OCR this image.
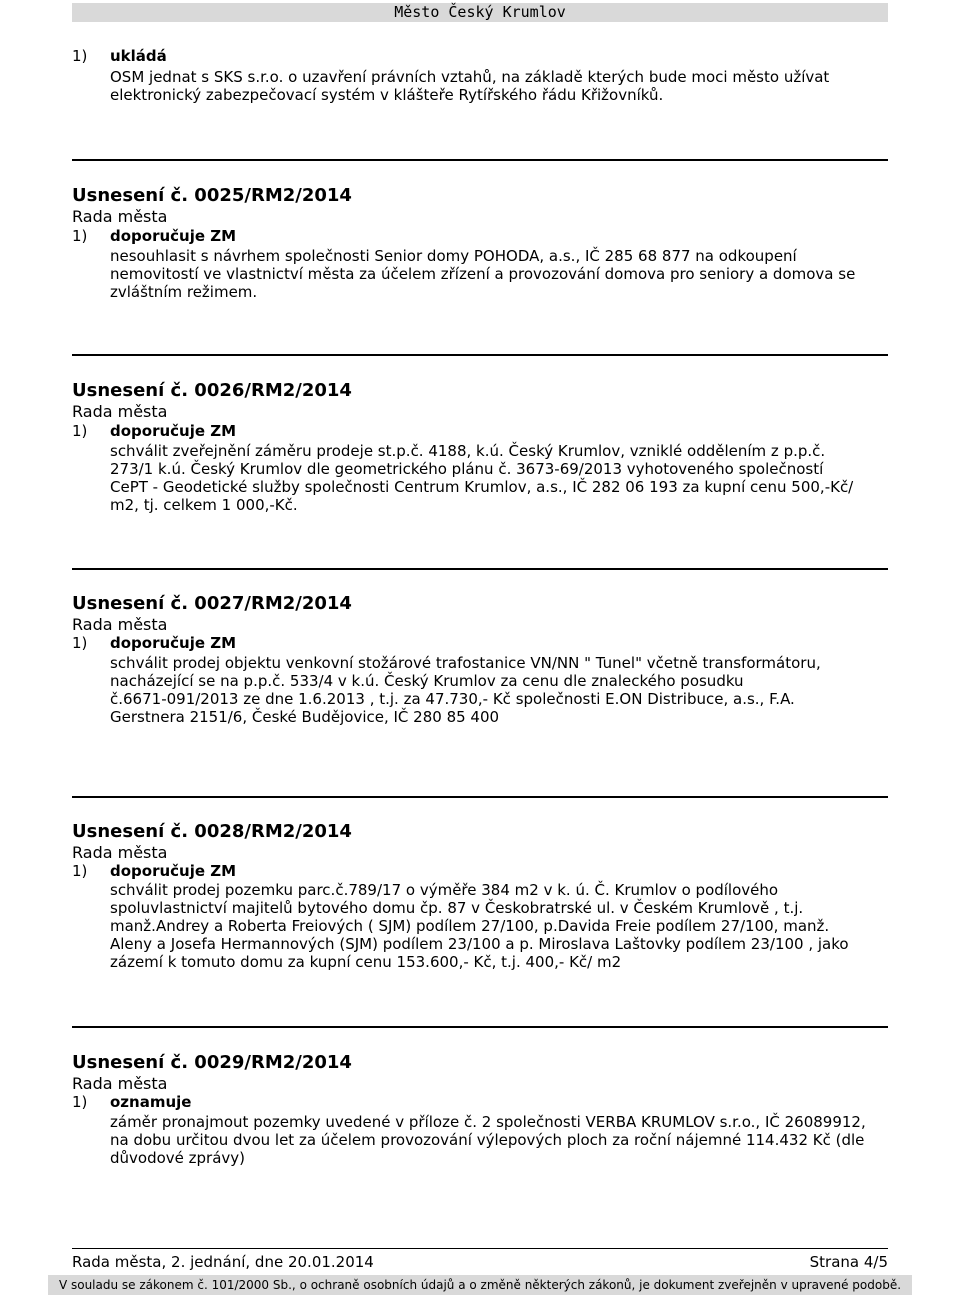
Město Český Krumlov
1) ukládá
OSM jednat s SKS s.r.o. o uzavření právních vztahů, na základě kterých bude moci město užívat
elektronický zabezpečovací systém v klášteře Rytířského řádu Křižovníků.
Usnesení č. 0025/RM2/2014
Rada města
1) doporučuje ZM
nesouhlasit s návrhem společnosti Senior domy POHODA, a.s., IČ 285 68 877 na odkoupení
nemovitostí ve vlastnictví města za účelem zřízení a provozování domova pro seniory a domova se
zvláštním režimem.
Usnesení č. 0026/RM2/2014
Rada města
1) doporučuje ZM
schválit zveřejnění záměru prodeje st.p.č. 4188, k.ú. Český Krumlov, vzniklé oddělením z p.p.č.
273/1 k.ú. Český Krumlov dle geometrického plánu č. 3673-69/2013 vyhotoveného společností
CePT - Geodetické služby společnosti Centrum Krumlov, a.s., IČ 282 06 193 za kupní cenu 500,-Kč/
m2, tj. celkem 1 000,-Kč.
Usnesení č. 0027/RM2/2014
Rada města
1) doporučuje ZM
schválit prodej objektu venkovní stožárové trafostanice VN/NN " Tunel" včetně transformátoru,
nacházející se na p.p.č. 533/4 v k.ú. Český Krumlov za cenu dle znaleckého posudku
č.6671-091/2013 ze dne 1.6.2013 , t.j. za 47.730,- Kč společnosti E.ON Distribuce, a.s., F.A.
Gerstnera 2151/6, České Budějovice, IČ 280 85 400
Usnesení č. 0028/RM2/2014
Rada města
1) doporučuje ZM
schválit prodej pozemku parc.č.789/17 o výměře 384 m2 v k. ú. Č. Krumlov o podílového
spoluvlastnictví majitelů bytového domu čp. 87 v Českobratrské ul. v Českém Krumlově , t.j.
manž.Andrey a Roberta Freiových ( SJM) podílem 27/100, p.Davida Freie podílem 27/100, manž.
Aleny a Josefa Hermannových (SJM) podílem 23/100 a p. Miroslava Laštovky podílem 23/100 , jako
zázemí k tomuto domu za kupní cenu 153.600,- Kč, t.j. 400,- Kč/ m2
Usnesení č. 0029/RM2/2014
Rada města
1) oznamuje
záměr pronajmout pozemky uvedené v příloze č. 2 společnosti VERBA KRUMLOV s.r.o., IČ 26089912,
na dobu určitou dvou let za účelem provozování výlepových ploch za roční nájemné 114.432 Kč (dle
důvodové zprávy)
Rada města, 2. jednání, dne 20.01.2014	Strana 4/5
V souladu se zákonem č. 101/2000 Sb., o ochraně osobních údajů a o změně některých zákonů, je dokument zveřejněn v upravené podobě.
